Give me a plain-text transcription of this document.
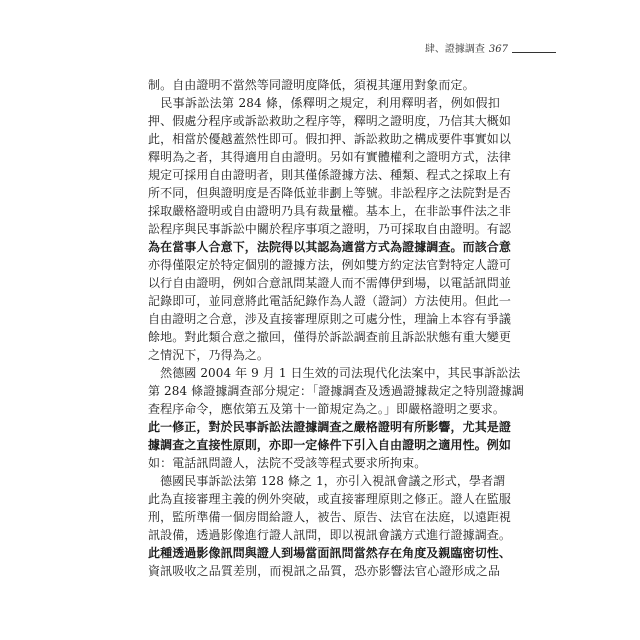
肆、證據調查 367
制。自由證明不當然等同證明度降低，須視其運用對象而定。
　民事訴訟法第 284 條，係釋明之規定，利用釋明者，例如假扣
押、假處分程序或訴訟救助之程序等，釋明之證明度，乃信其大概如
此，相當於優越蓋然性即可。假扣押、訴訟救助之構成要件事實如以
釋明為之者，其得適用自由證明。另如有實體權利之證明方式，法律
規定可採用自由證明者，則其僅係證據方法、種類、程式之採取上有
所不同，但與證明度是否降低並非劃上等號。非訟程序之法院對是否
採取嚴格證明或自由證明乃具有裁量權。基本上，在非訟事件法之非
訟程序與民事訴訟中關於程序事項之證明，乃可採取自由證明。有認
為在當事人合意下，法院得以其認為適當方式為證據調查。而該合意
亦得僅限定於特定個別的證據方法，例如雙方約定法官對特定人證可
以行自由證明，例如合意訊問某證人而不需傳伊到場，以電話訊問並
記錄即可，並同意將此電話紀錄作為人證（證詞）方法使用。但此一
自由證明之合意，涉及直接審理原則之可處分性，理論上本容有爭議
餘地。對此類合意之撤回，僅得於訴訟調查前且訴訟狀態有重大變更
之情況下，乃得為之。
　然德國 2004 年 9 月 1 日生效的司法現代化法案中，其民事訴訟法
第 284 條證據調查部分規定：「證據調查及透過證據裁定之特別證據調
查程序命令，應依第五及第十一節規定為之。」即嚴格證明之要求。
此一修正，對於民事訴訟法證據調查之嚴格證明有所影響，尤其是證
據調查之直接性原則，亦即一定條件下引入自由證明之適用性。例如
如：電話訊問證人，法院不受該等程式要求所拘束。
　德國民事訴訟法第 128 條之 1，亦引入視訊會議之形式，學者謂
此為直接審理主義的例外突破，或直接審理原則之修正。證人在監服
刑，監所準備一個房間給證人，被告、原告、法官在法庭，以遠距視
訊設備，透過影像進行證人訊問，即以視訊會議方式進行證據調查。
此種透過影像訊問與證人到場當面訊問當然存在角度及親臨密切性、
資訊吸收之品質差別，而視訊之品質，恐亦影響法官心證形成之品
